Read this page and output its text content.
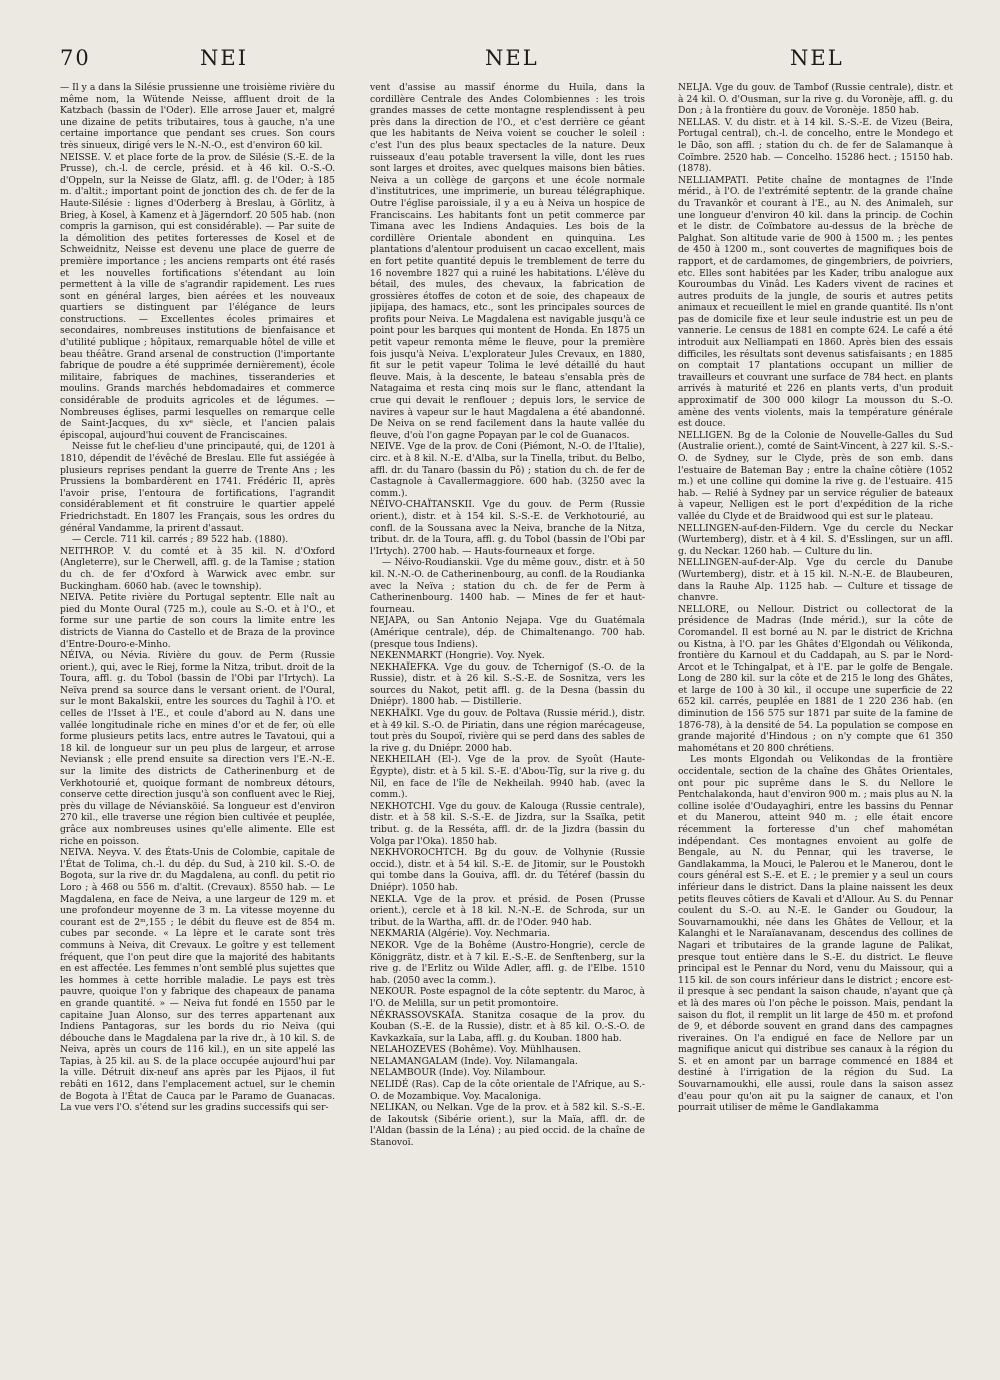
70	NEI	NEL	NEL

— Il y a dans la Silésie prussienne une troisième rivière du même nom, la Wütende Neisse, affluent droit de la Katzbach (bassin de l'Oder). Elle arrose Jauer et, malgré une dizaine de petits tributaires, tous à gauche, n'a une certaine importance que pendant ses crues. Son cours très sinueux, dirigé vers le N.-N.-O., est d'environ 60 kil.

NEISSE. V. et place forte de la prov. de Silésie (S.-E. de la Prusse), ch.-l. de cercle, présid. et à 46 kil. O.-S.-O. d'Oppeln, sur la Neisse de Glatz, affl. g. de l'Oder; à 185 m. d'altit.; important point de jonction des ch. de fer de la Haute-Silésie : lignes d'Oderberg à Breslau, à Görlitz, à Brieg, à Kosel, à Kamenz et à Jägerndorf. 20 505 hab. (non compris la garnison, qui est considérable). — Par suite de la démolition des petites forteresses de Kosel et de Schweidnitz, Neisse est devenu une place de guerre de première importance ; les anciens remparts ont été rasés et les nouvelles fortifications s'étendant au loin permettent à la ville de s'agrandir rapidement. Les rues sont en général larges, bien aérées et les nouveaux quartiers se distinguent par l'élégance de leurs constructions. — Excellentes écoles primaires et secondaires, nombreuses institutions de bienfaisance et d'utilité publique ; hôpitaux, remarquable hôtel de ville et beau théâtre. Grand arsenal de construction (l'importante fabrique de poudre a été supprimée dernièrement), école militaire, fabriques de machines, tisseranderies et moulins. Grands marchés hebdomadaires et commerce considérable de produits agricoles et de légumes. — Nombreuses églises, parmi lesquelles on remarque celle de Saint-Jacques, du xvᵉ siècle, et l'ancien palais épiscopal, aujourd'hui couvent de Franciscaines.

Neisse fut le chef-lieu d'une principauté, qui, de 1201 à 1810, dépendit de l'évêché de Breslau. Elle fut assiégée à plusieurs reprises pendant la guerre de Trente Ans ; les Prussiens la bombardèrent en 1741. Frédéric II, après l'avoir prise, l'entoura de fortifications, l'agrandit considérablement et fit construire le quartier appelé Friedrichstadt. En 1807 les Français, sous les ordres du général Vandamme, la prirent d'assaut.

— Cercle. 711 kil. carrés ; 89 522 hab. (1880).

NEITHROP. V. du comté et à 35 kil. N. d'Oxford (Angleterre), sur le Cherwell, affl. g. de la Tamise ; station du ch. de fer d'Oxford à Warwick avec embr. sur Buckingham. 6060 hab. (avec le township).

NEIVA. Petite rivière du Portugal septentr. Elle naît au pied du Monte Oural (725 m.), coule au S.-O. et à l'O., et forme sur une partie de son cours la limite entre les districts de Vianna do Castello et de Braza de la province d'Entre-Douro-e-Minho.

NÉIVA, ou Névia. Rivière du gouv. de Perm (Russie orient.), qui, avec le Riej, forme la Nitza, tribut. droit de la Toura, affl. g. du Tobol (bassin de l'Obi par l'Irtych). La Neïva prend sa source dans le versant orient. de l'Oural, sur le mont Bakalskii, entre les sources du Taghil à l'O. et celles de l'Isset à l'E., et coule d'abord au N. dans une vallée longitudinale riche en mines d'or et de fer, où elle forme plusieurs petits lacs, entre autres le Tavatoui, qui a 18 kil. de longueur sur un peu plus de largeur, et arrose Neviansk ; elle prend ensuite sa direction vers l'E.-N.-E. sur la limite des districts de Catherinenburg et de Verkhotourié et, quoique formant de nombreux détours, conserve cette direction jusqu'à son confluent avec le Riej, près du village de Néviansköié. Sa longueur est d'environ 270 kil., elle traverse une région bien cultivée et peuplée, grâce aux nombreuses usines qu'elle alimente. Elle est riche en poisson.

NEIVA. Neyva. V. des États-Unis de Colombie, capitale de l'État de Tolima, ch.-l. du dép. du Sud, à 210 kil. S.-O. de Bogota, sur la rive dr. du Magdalena, au confl. du petit rio Loro ; à 468 ou 556 m. d'altit. (Crevaux). 8550 hab. — Le Magdalena, en face de Neiva, a une largeur de 129 m. et une profondeur moyenne de 3 m. La vitesse moyenne du courant est de 2ᵐ,155 ; le débit du fleuve est de 854 m. cubes par seconde. « La lèpre et le carate sont très communs à Neiva, dit Crevaux. Le goître y est tellement fréquent, que l'on peut dire que la majorité des habitants en est affectée. Les femmes n'ont semblé plus sujettes que les hommes à cette horrible maladie. Le pays est très pauvre, quoique l'on y fabrique des chapeaux de panama en grande quantité. » — Neiva fut fondé en 1550 par le capitaine Juan Alonso, sur des terres appartenant aux Indiens Pantagoras, sur les bords du rio Neiva (qui débouche dans le Magdalena par la rive dr., à 10 kil. S. de Neiva, après un cours de 116 kil.), en un site appelé las Tapias, à 25 kil. au S. de la place occupée aujourd'hui par la ville. Détruit dix-neuf ans après par les Pijaos, il fut rebâti en 1612, dans l'emplacement actuel, sur le chemin de Bogota à l'État de Cauca par le Paramo de Guanacas. La vue vers l'O. s'étend sur les gradins successifs qui ser-

vent d'assise au massif énorme du Huila, dans la cordillère Centrale des Andes Colombiennes : les trois grandes masses de cette montagne resplendissent à peu près dans la direction de l'O., et c'est derrière ce géant que les habitants de Neiva voient se coucher le soleil : c'est l'un des plus beaux spectacles de la nature. Deux ruisseaux d'eau potable traversent la ville, dont les rues sont larges et droites, avec quelques maisons bien bâties. Neiva a un collège de garçons et une école normale d'institutrices, une imprimerie, un bureau télégraphique. Outre l'église paroissiale, il y a eu à Neiva un hospice de Franciscains. Les habitants font un petit commerce par Timana avec les Indiens Andaquies. Les bois de la cordillère Orientale abondent en quinquina. Les plantations d'alentour produisent un cacao excellent, mais en fort petite quantité depuis le tremblement de terre du 16 novembre 1827 qui a ruiné les habitations. L'élève du bétail, des mules, des chevaux, la fabrication de grossières étoffes de coton et de soie, des chapeaux de jipijapa, des hamacs, etc., sont les principales sources de profits pour Neiva. Le Magdalena est navigable jusqu'à ce point pour les barques qui montent de Honda. En 1875 un petit vapeur remonta même le fleuve, pour la première fois jusqu'à Neiva. L'explorateur Jules Crevaux, en 1880, fit sur le petit vapeur Tolima le levé détaillé du haut fleuve. Mais, à la descente, le bateau s'ensabla près de Natagaima et resta cinq mois sur le flanc, attendant la crue qui devait le renflouer ; depuis lors, le service de navires à vapeur sur le haut Magdalena a été abandonné. De Neiva on se rend facilement dans la haute vallée du fleuve, d'où l'on gagne Popayan par le col de Guanacos.

NEIVE. Vge de la prov. de Coni (Piémont, N.-O. de l'Italie), circ. et à 8 kil. N.-E. d'Alba, sur la Tinella, tribut. du Belbo, affl. dr. du Tanaro (bassin du Pô) ; station du ch. de fer de Castagnole à Cavallermaggiore. 600 hab. (3250 avec la comm.).

NÉIVO-CHAÏTANSKII. Vge du gouv. de Perm (Russie orient.), distr. et à 154 kil. S.-S.-E. de Verkhotourié, au confl. de la Soussana avec la Neiva, branche de la Nitza, tribut. dr. de la Toura, affl. g. du Tobol (bassin de l'Obi par l'Irtych). 2700 hab. — Hauts-fourneaux et forge.

— Néivo-Roudianskii. Vge du même gouv., distr. et à 50 kil. N.-N.-O. de Catherinenbourg, au confl. de la Roudianka avec la Neïva ; station du ch. de fer de Perm à Catherinenbourg. 1400 hab. — Mines de fer et haut-fourneau.

NEJAPA, ou San Antonio Nejapa. Vge du Guatémala (Amérique centrale), dép. de Chimaltenango. 700 hab. (presque tous Indiens).

NEKENMARKT (Hongrie). Voy. Nyek.

NEKHAÏEFKA. Vge du gouv. de Tchernigof (S.-O. de la Russie), distr. et à 26 kil. S.-S.-E. de Sosnitza, vers les sources du Nakot, petit affl. g. de la Desna (bassin du Dniépr). 1800 hab. — Distillerie.

NEKHAÏKI. Vge du gouv. de Poltava (Russie mérid.), distr. et à 49 kil. S.-O. de Piriatin, dans une région marécageuse, tout près du Soupoï, rivière qui se perd dans des sables de la rive g. du Dniépr. 2000 hab.

NEKHEILAH (El-). Vge de la prov. de Syoût (Haute-Égypte), distr. et à 5 kil. S.-E. d'Abou-Tîg, sur la rive g. du Nil, en face de l'île de Nekheilah. 9940 hab. (avec la comm.).

NEKHOTCHI. Vge du gouv. de Kalouga (Russie centrale), distr. et à 58 kil. S.-S.-E. de Jizdra, sur la Ssaïka, petit tribut. g. de la Resséta, affl. dr. de la Jizdra (bassin du Volga par l'Oka). 1850 hab.

NEKHVOROCHTCH. Bg du gouv. de Volhynie (Russie occid.), distr. et à 54 kil. S.-E. de Jitomir, sur le Poustokh qui tombe dans la Gouiva, affl. dr. du Tétéref (bassin du Dniépr). 1050 hab.

NEKLA. Vge de la prov. et présid. de Posen (Prusse orient.), cercle et à 18 kil. N.-N.-E. de Schroda, sur un tribut. de la Wartha, affl. dr. de l'Oder. 940 hab.

NEKMARIA (Algérie). Voy. Nechmaria.

NEKOR. Vge de la Bohême (Austro-Hongrie), cercle de Königgrätz, distr. et à 7 kil. E.-S.-E. de Senftenberg, sur la rive g. de l'Erlitz ou Wilde Adler, affl. g. de l'Elbe. 1510 hab. (2050 avec la comm.).

NEKOUR. Poste espagnol de la côte septentr. du Maroc, à l'O. de Melilla, sur un petit promontoire.

NÉKRASSOVSKAÏA. Stanitza cosaque de la prov. du Kouban (S.-E. de la Russie), distr. et à 85 kil. O.-S.-O. de Kavkazkaïa, sur la Laba, affl. g. du Kouban. 1800 hab.

NELAHOZEVES (Bohême). Voy. Mühlhausen.

NELAMANGALAM (Inde). Voy. Nilamangala.

NELAMBOUR (Inde). Voy. Nilambour.

NELIDÉ (Ras). Cap de la côte orientale de l'Afrique, au S.-O. de Mozambique. Voy. Macaloniga.

NELIKAN, ou Nelkan. Vge de la prov. et à 582 kil. S.-S.-E. de Iakoutsk (Sibérie orient.), sur la Maïa, affl. dr. de l'Aldan (bassin de la Léna) ; au pied occid. de la chaîne de Stanovoï.

NELJA. Vge du gouv. de Tambof (Russie centrale), distr. et à 24 kil. O. d'Ousman, sur la rive g. du Voronèje, affl. g. du Don ; à la frontière du gouv. de Voronèje. 1850 hab.

NELLAS. V. du distr. et à 14 kil. S.-S.-E. de Vizeu (Beira, Portugal central), ch.-l. de concelho, entre le Mondego et le Dão, son affl. ; station du ch. de fer de Salamanque à Coïmbre. 2520 hab. — Concelho. 15286 hect. ; 15150 hab. (1878).

NELLIAMPATI. Petite chaîne de montagnes de l'Inde mérid., à l'O. de l'extrémité septentr. de la grande chaîne du Travankôr et courant à l'E., au N. des Animaleh, sur une longueur d'environ 40 kil. dans la princip. de Cochin et le distr. de Coïmbatore au-dessus de la brèche de Palghat. Son altitude varie de 900 à 1500 m. ; les pentes de 450 à 1200 m., sont couvertes de magnifiques bois de rapport, et de cardamomes, de gingembriers, de poivriers, etc. Elles sont habitées par les Kader, tribu analogue aux Kouroumbas du Vinâd. Les Kaders vivent de racines et autres produits de la jungle, de souris et autres petits animaux et recueillent le miel en grande quantité. Ils n'ont pas de domicile fixe et leur seule industrie est un peu de vannerie. Le census de 1881 en compte 624. Le café a été introduit aux Nelliampati en 1860. Après bien des essais difficiles, les résultats sont devenus satisfaisants ; en 1885 on comptait 17 plantations occupant un millier de travailleurs et couvrant une surface de 784 hect. en plants arrivés à maturité et 226 en plants verts, d'un produit approximatif de 300 000 kilogr La mousson du S.-O. amène des vents violents, mais la température générale est douce.

NELLIGEN. Bg de la Colonie de Nouvelle-Galles du Sud (Australie orient.), comté de Saint-Vincent, à 227 kil. S.-S.-O. de Sydney, sur le Clyde, près de son emb. dans l'estuaire de Bateman Bay ; entre la chaîne côtière (1052 m.) et une colline qui domine la rive g. de l'estuaire. 415 hab. — Relié à Sydney par un service régulier de bateaux à vapeur, Nelligen est le port d'expédition de la riche vallée du Clyde et de Braidwood qui est sur le plateau.

NELLINGEN-auf-den-Fildern. Vge du cercle du Neckar (Wurtemberg), distr. et à 4 kil. S. d'Esslingen, sur un affl. g. du Neckar. 1260 hab. — Culture du lin.

NELLINGEN-auf-der-Alp. Vge du cercle du Danube (Wurtemberg), distr. et à 15 kil. N.-N.-E. de Blaubeuren, dans la Rauhe Alp. 1125 hab. — Culture et tissage de chanvre.

NELLORE, ou Nellour. District ou collectorat de la présidence de Madras (Inde mérid.), sur la côte de Coromandel. Il est borné au N. par le district de Krichna ou Kistna, à l'O. par les Ghâtes d'Elgondah ou Vélikonda, frontière du Karnoul et du Caddapah, au S. par le Nord-Arcot et le Tchingalpat, et à l'E. par le golfe de Bengale. Long de 280 kil. sur la côte et de 215 le long des Ghâtes, et large de 100 à 30 kil., il occupe une superficie de 22 652 kil. carrés, peuplée en 1881 de 1 220 236 hab. (en diminution de 156 575 sur 1871 par suite de la famine de 1876-78), à la densité de 54. La population se compose en grande majorité d'Hindous ; on n'y compte que 61 350 mahométans et 20 800 chrétiens.

Les monts Elgondah ou Velikondas de la frontière occidentale, section de la chaîne des Ghâtes Orientales, ont pour pic suprême dans le S. du Nellore le Pentchalakonda, haut d'environ 900 m. ; mais plus au N. la colline isolée d'Oudayaghiri, entre les bassins du Pennar et du Manerou, atteint 940 m. ; elle était encore récemment la forteresse d'un chef mahométan indépendant. Ces montagnes envoient au golfe de Bengale, au N. du Pennar, qui les traverse, le Gandlakamma, la Mouci, le Palerou et le Manerou, dont le cours général est S.-E. et E. ; le premier y a seul un cours inférieur dans le district. Dans la plaine naissent les deux petits fleuves côtiers de Kavali et d'Allour. Au S. du Pennar coulent du S.-O. au N.-E. le Gander ou Goudour, la Souvarnamoukhi, née dans les Ghâtes de Vellour, et la Kalanghi et le Naraïanavanam, descendus des collines de Nagari et tributaires de la grande lagune de Palikat, presque tout entière dans le S.-E. du district. Le fleuve principal est le Pennar du Nord, venu du Maissour, qui a 115 kil. de son cours inférieur dans le district ; encore est-il presque à sec pendant la saison chaude, n'ayant que çà et là des mares où l'on pêche le poisson. Mais, pendant la saison du flot, il remplit un lit large de 450 m. et profond de 9, et déborde souvent en grand dans des campagnes riveraines. On l'a endigué en face de Nellore par un magnifique anicut qui distribue ses canaux à la région du S. et en amont par un barrage commencé en 1884 et destiné à l'irrigation de la région du Sud. La Souvarnamoukhi, elle aussi, roule dans la saison assez d'eau pour qu'on ait pu la saigner de canaux, et l'on pourrait utiliser de même le Gandlakamma
